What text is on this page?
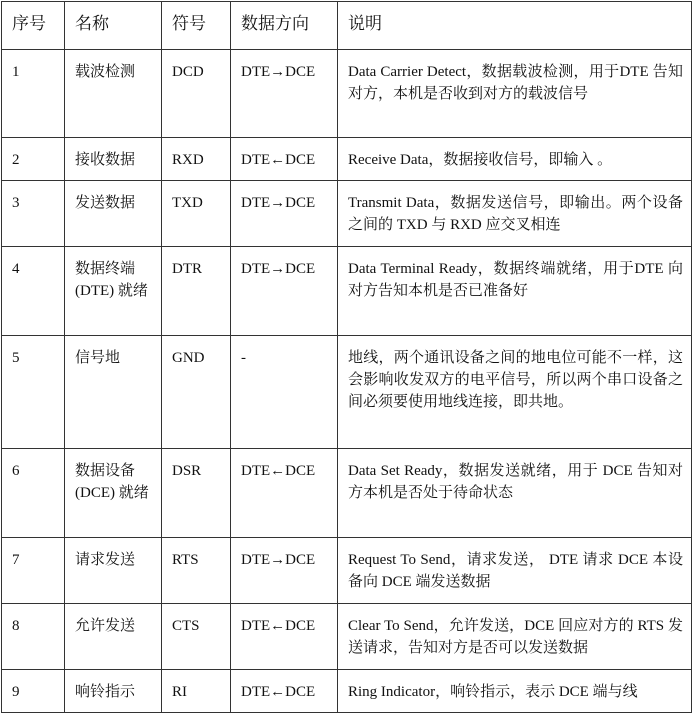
序号	名称	符号	数据方向	说明
1	载波检测	DCD	DTE→DCE	Data Carrier Detect，数据载波检测，用于DTE 告知对方，本机是否收到对方的载波信号
2	接收数据	RXD	DTE←DCE	Receive Data，数据接收信号，即输入 。
3	发送数据	TXD	DTE→DCE	Transmit Data，数据发送信号，即输出。两个设备之间的 TXD 与 RXD 应交叉相连
4	数据终端(DTE) 就绪	DTR	DTE→DCE	Data Terminal Ready，数据终端就绪，用于DTE 向对方告知本机是否已准备好
5	信号地	GND	-	地线，两个通讯设备之间的地电位可能不一样，这会影响收发双方的电平信号，所以两个串口设备之间必须要使用地线连接，即共地。
6	数据设备(DCE) 就绪	DSR	DTE←DCE	Data Set Ready，数据发送就绪，用于 DCE 告知对方本机是否处于待命状态
7	请求发送	RTS	DTE→DCE	Request To Send，请求发送， DTE 请求 DCE 本设备向 DCE 端发送数据
8	允许发送	CTS	DTE←DCE	Clear To Send，允许发送，DCE 回应对方的 RTS 发送请求，告知对方是否可以发送数据
9	响铃指示	RI	DTE←DCE	Ring Indicator，响铃指示，表示 DCE 端与线
